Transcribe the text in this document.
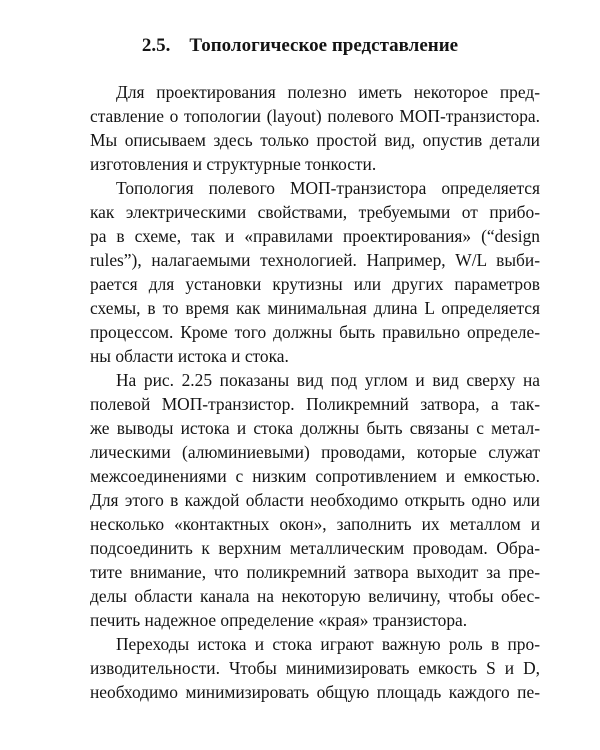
2.5.    Топологическое представление
Для проектирования полезно иметь некоторое пред-
ставление о топологии (layout) полевого МОП-транзистора.
Мы описываем здесь только простой вид, опустив детали
изготовления и структурные тонкости.
Топология полевого МОП-транзистора определяется
как электрическими свойствами, требуемыми от прибо-
ра в схеме, так и «правилами проектирования» (“design
rules”), налагаемыми технологией. Например, W/L выби-
рается для установки крутизны или других параметров
схемы, в то время как минимальная длина L определяется
процессом. Кроме того должны быть правильно определе-
ны области истока и стока.
На рис. 2.25 показаны вид под углом и вид сверху на
полевой МОП-транзистор. Поликремний затвора, а так-
же выводы истока и стока должны быть связаны с метал-
лическими (алюминиевыми) проводами, которые служат
межсоединениями с низким сопротивлением и емкостью.
Для этого в каждой области необходимо открыть одно или
несколько «контактных окон», заполнить их металлом и
подсоединить к верхним металлическим проводам. Обра-
тите внимание, что поликремний затвора выходит за пре-
делы области канала на некоторую величину, чтобы обес-
печить надежное определение «края» транзистора.
Переходы истока и стока играют важную роль в про-
изводительности. Чтобы минимизировать емкость S и D,
необходимо минимизировать общую площадь каждого пе-
